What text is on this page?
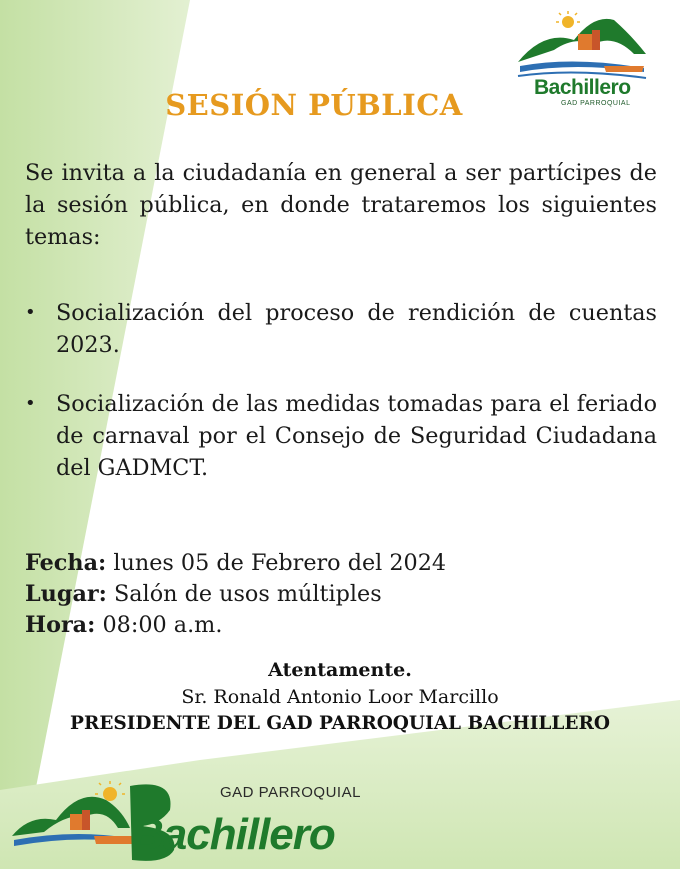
Bachillero
GAD PARROQUIAL
SESIÓN PÚBLICA

Se invita a la ciudadanía en general a ser partícipes de la sesión pública, en donde trataremos los siguientes temas:

• Socialización del proceso de rendición de cuentas 2023.
• Socialización de las medidas tomadas para el feriado de carnaval por el Consejo de Seguridad Ciudadana del GADMCT.
Fecha: lunes 05 de Febrero del 2024
Lugar: Salón de usos múltiples
Hora: 08:00 a.m.
Atentamente.
Sr. Ronald Antonio Loor Marcillo
PRESIDENTE DEL GAD PARROQUIAL BACHILLERO
GAD PARROQUIAL
Bachillero
